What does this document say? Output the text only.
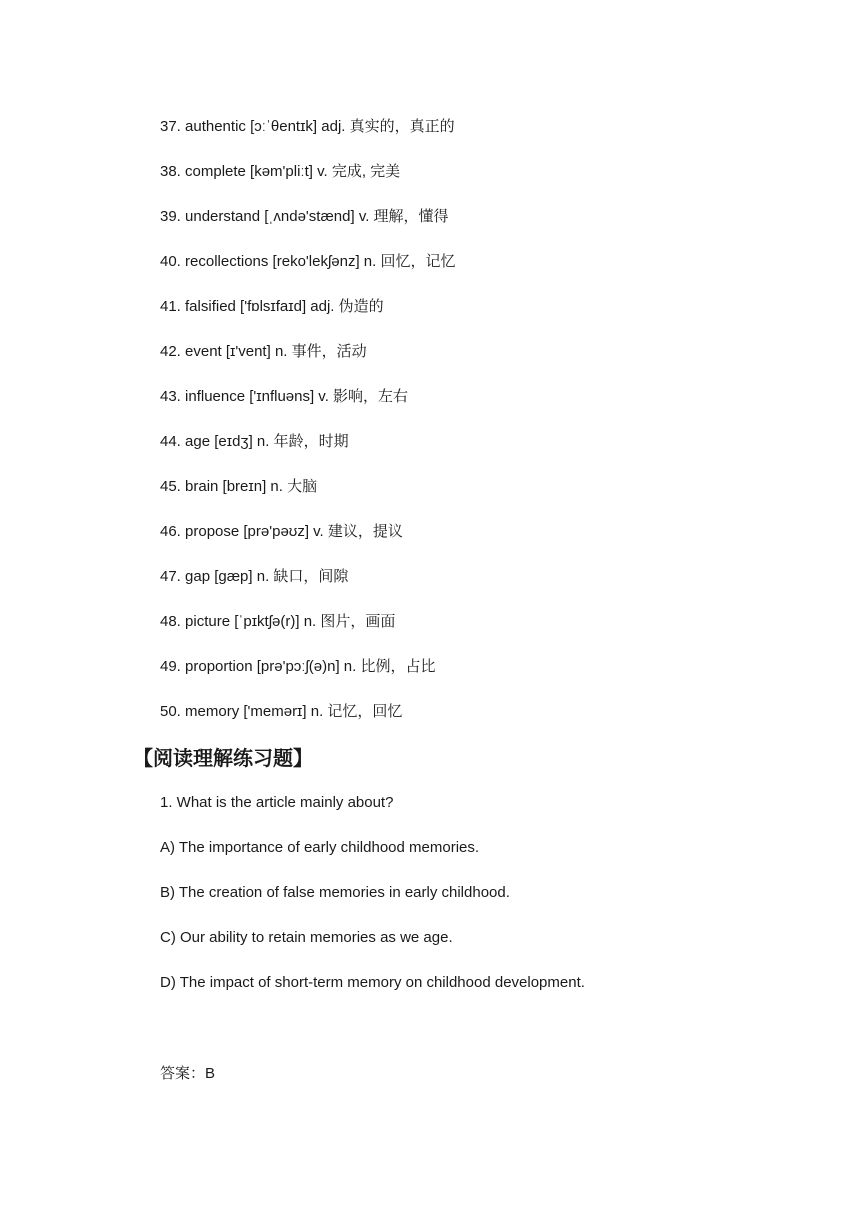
37. authentic [ɔːˈθentɪk] adj. 真实的，真正的
38. complete [kəm'pliːt] v. 完成, 完美
39. understand [ˌʌndə'stænd] v. 理解，懂得
40. recollections [reko'lekʃənz] n. 回忆，记忆
41. falsified ['fɒlsɪfaɪd] adj. 伪造的
42. event [ɪ'vent] n. 事件，活动
43. influence ['ɪnfluəns] v. 影响，左右
44. age [eɪdʒ] n. 年龄，时期
45. brain [breɪn] n. 大脑
46. propose [prə'pəʊz] v. 建议，提议
47. gap [gæp] n. 缺口，间隙
48. picture [ˈpɪktʃə(r)] n. 图片，画面
49. proportion [prə'pɔːʃ(ə)n] n. 比例，占比
50. memory ['memərɪ] n. 记忆，回忆
【阅读理解练习题】
1. What is the article mainly about?
A) The importance of early childhood memories.
B) The creation of false memories in early childhood.
C) Our ability to retain memories as we age.
D) The impact of short-term memory on childhood development.
答案：B
